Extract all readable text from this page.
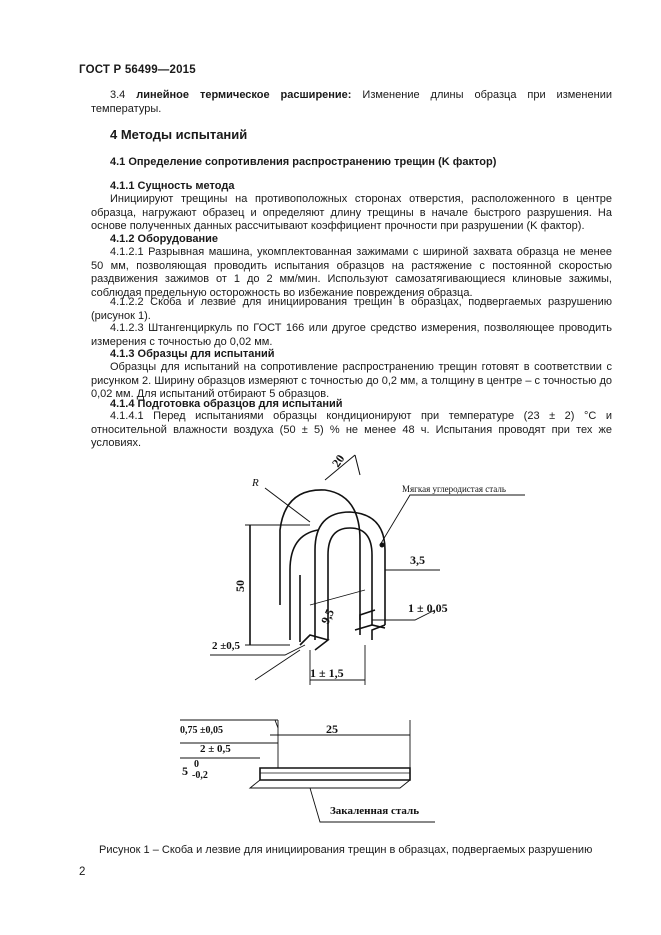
ГОСТ Р 56499—2015
3.4 линейное термическое расширение: Изменение длины образца при изменении температуры.
4 Методы испытаний
4.1 Определение сопротивления распространению трещин (K фактор)
4.1.1 Сущность метода
Инициируют трещины на противоположных сторонах отверстия, расположенного в центре образца, нагружают образец и определяют длину трещины в начале быстрого разрушения. На основе полученных данных рассчитывают коэффициент прочности при разрушении (K фактор).
4.1.2 Оборудование
4.1.2.1 Разрывная машина, укомплектованная зажимами с шириной захвата образца не менее 50 мм, позволяющая проводить испытания образцов на растяжение с постоянной скоростью раздвижения зажимов от 1 до 2 мм/мин. Используют самозатягивающиеся клиновые зажимы, соблюдая предельную осторожность во избежание повреждения образца.
4.1.2.2 Скоба и лезвие для инициирования трещин в образцах, подвергаемых разрушению (рисунок 1).
4.1.2.3 Штангенциркуль по ГОСТ 166 или другое средство измерения, позволяющее проводить измерения с точностью до 0,02 мм.
4.1.3 Образцы для испытаний
Образцы для испытаний на сопротивление распространению трещин готовят в соответствии с рисунком 2. Ширину образцов измеряют с точностью до 0,2 мм, а толщину в центре – с точностью до 0,02 мм. Для испытаний отбирают 5 образцов.
4.1.4 Подготовка образцов для испытаний
4.1.4.1 Перед испытаниями образцы кондиционируют при температуре (23 ± 2) °С и относительной влажности воздуха (50 ± 5) % не менее 48 ч. Испытания проводят при тех же условиях.
R
20
Мягкая углеродистая сталь
3,5
50
1 ± 0,05
9,5
2 ±0,5
1 ± 1,5
0,75 ±0,05	25
2 ± 0,5
5 0
-0,2
Закаленная сталь
Рисунок 1 – Скоба и лезвие для инициирования трещин в образцах, подвергаемых разрушению
2
